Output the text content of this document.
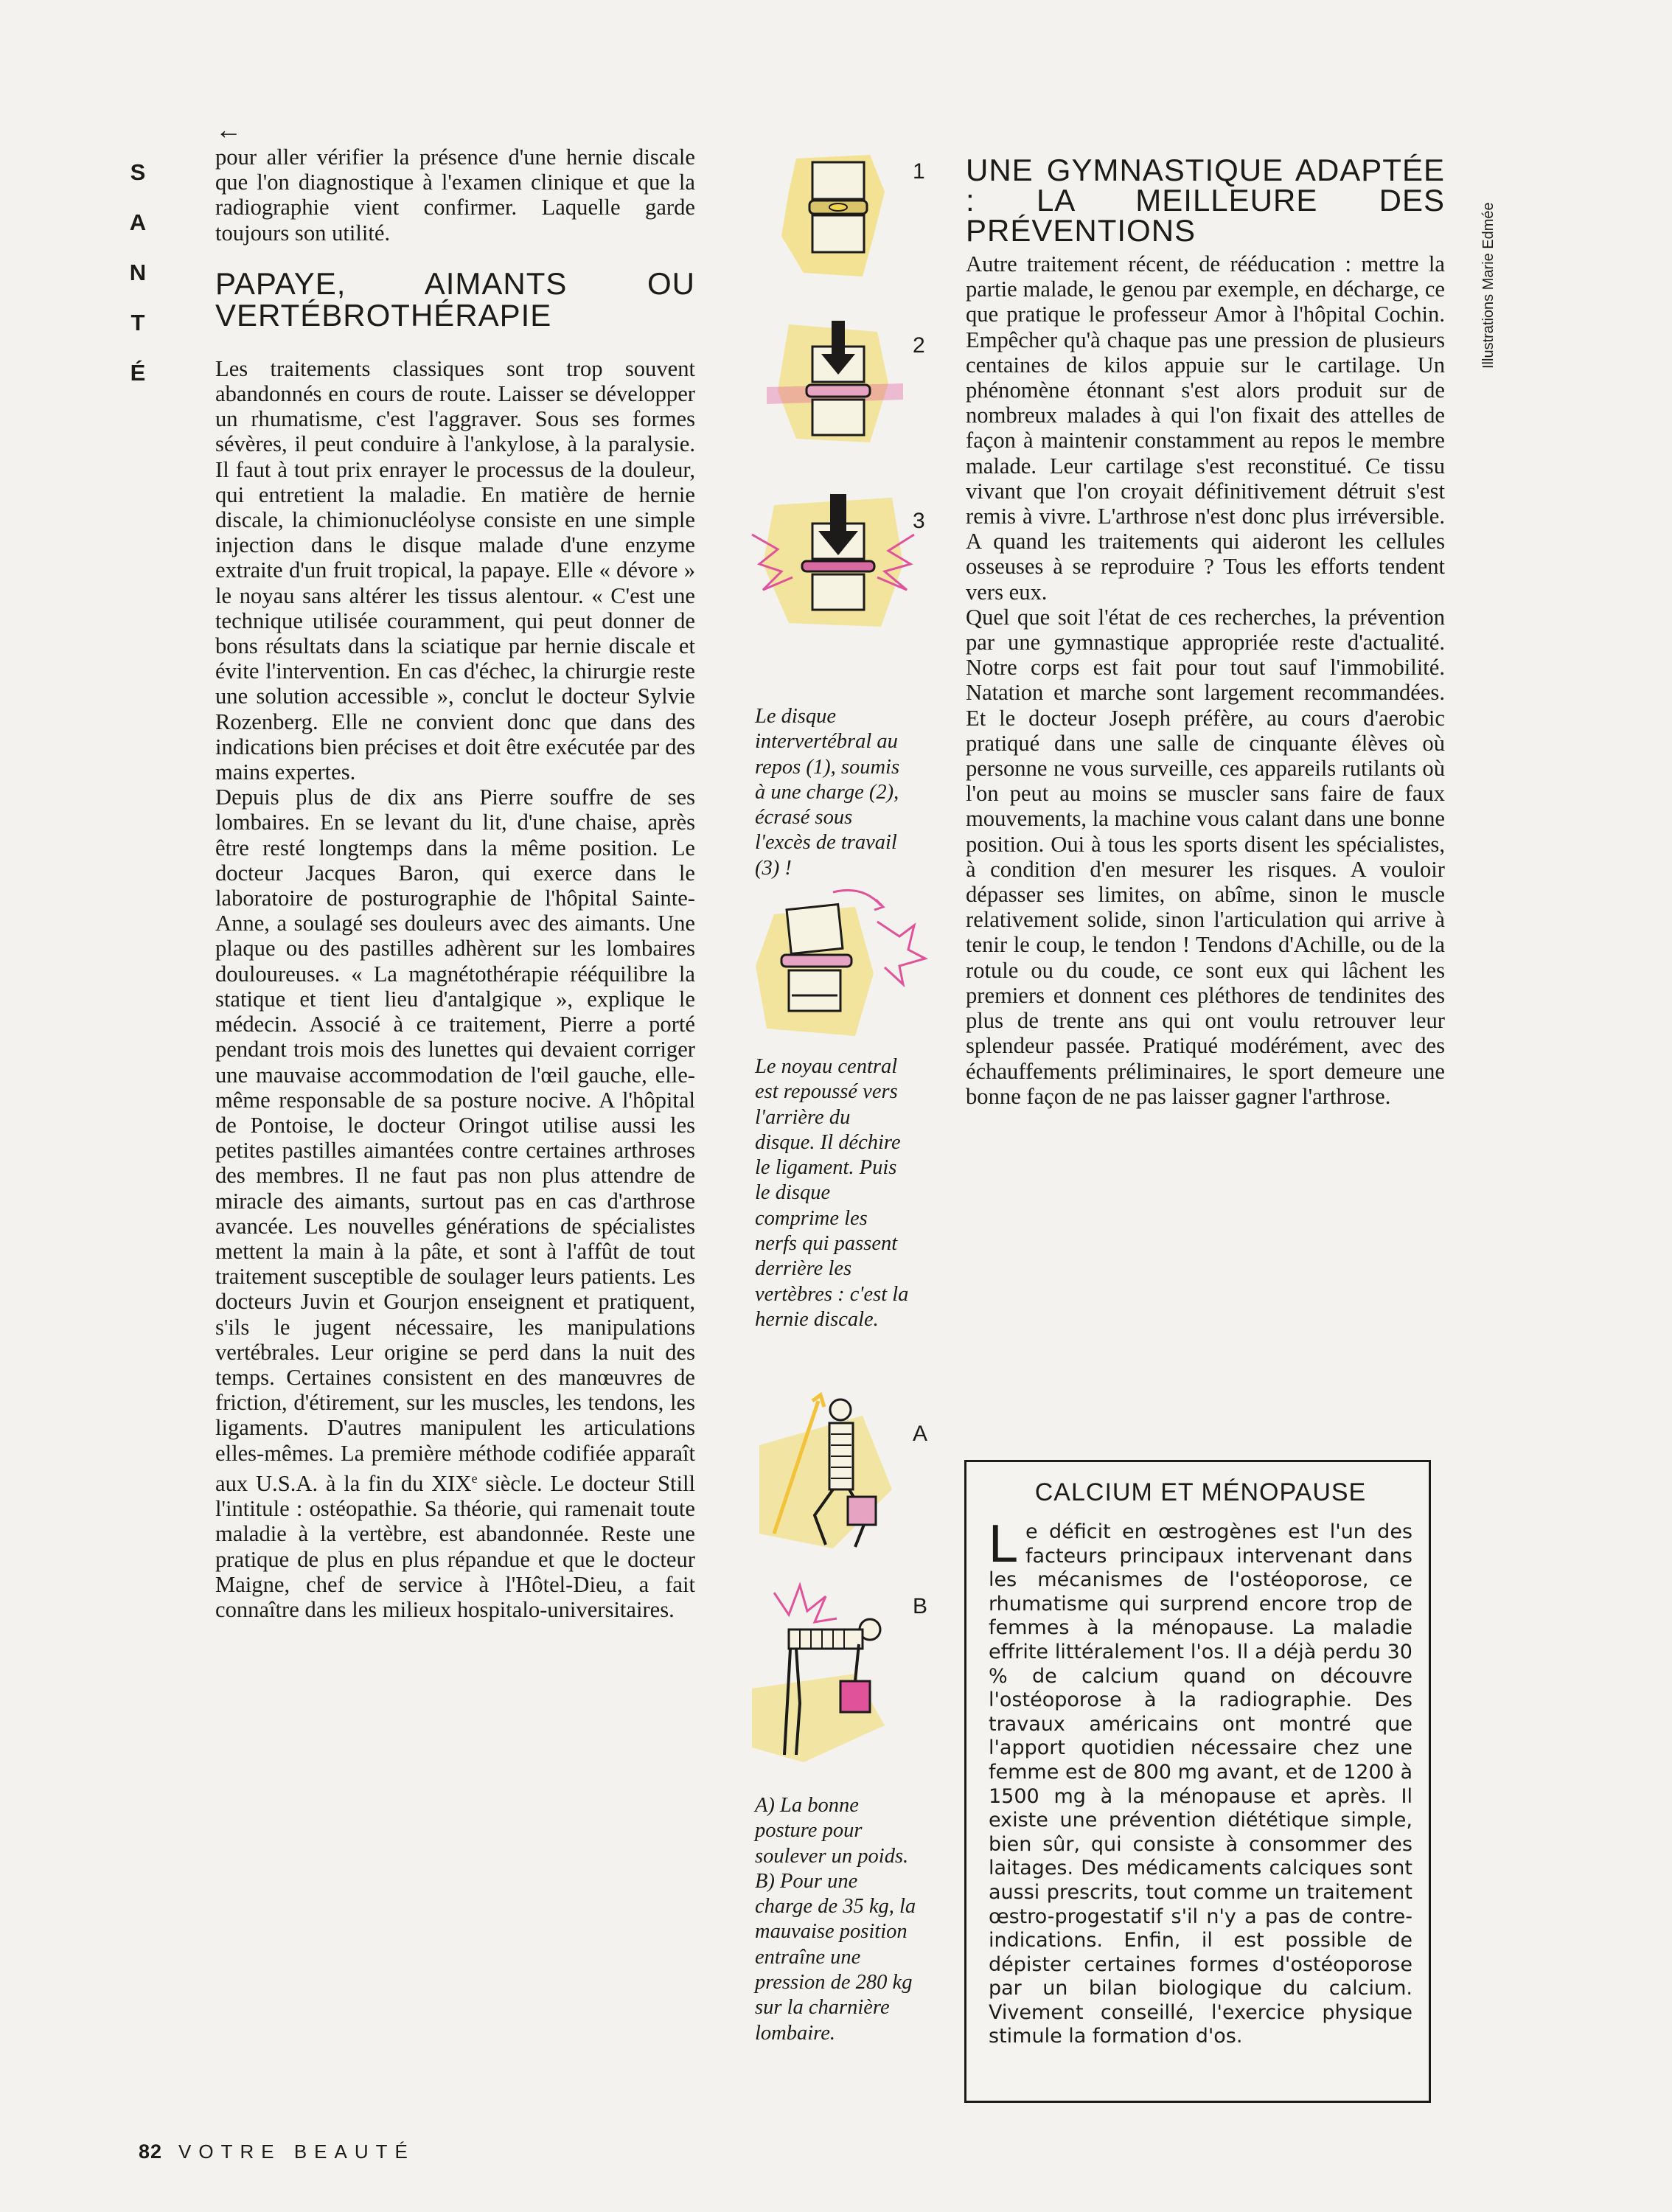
S
A
N
T
É
←

pour aller vérifier la présence d'une hernie discale que l'on diagnostique à l'examen clinique et que la radiographie vient confirmer. Laquelle garde toujours son utilité.

PAPAYE, AIMANTS OU VERTÉBROTHÉRAPIE

Les traitements classiques sont trop souvent abandonnés en cours de route. Laisser se développer un rhumatisme, c'est l'aggraver. Sous ses formes sévères, il peut conduire à l'ankylose, à la paralysie. Il faut à tout prix enrayer le processus de la douleur, qui entretient la maladie. En matière de hernie discale, la chimionucléolyse consiste en une simple injection dans le disque malade d'une enzyme extraite d'un fruit tropical, la papaye. Elle « dévore » le noyau sans altérer les tissus alentour. « C'est une technique utilisée couramment, qui peut donner de bons résultats dans la sciatique par hernie discale et évite l'intervention. En cas d'échec, la chirurgie reste une solution accessible », conclut le docteur Sylvie Rozenberg. Elle ne convient donc que dans des indications bien précises et doit être exécutée par des mains expertes.

Depuis plus de dix ans Pierre souffre de ses lombaires. En se levant du lit, d'une chaise, après être resté longtemps dans la même position. Le docteur Jacques Baron, qui exerce dans le laboratoire de posturographie de l'hôpital Sainte-Anne, a soulagé ses douleurs avec des aimants. Une plaque ou des pastilles adhèrent sur les lombaires douloureuses. « La magnétothérapie rééquilibre la statique et tient lieu d'antalgique », explique le médecin. Associé à ce traitement, Pierre a porté pendant trois mois des lunettes qui devaient corriger une mauvaise accommodation de l'œil gauche, elle-même responsable de sa posture nocive. A l'hôpital de Pontoise, le docteur Oringot utilise aussi les petites pastilles aimantées contre certaines arthroses des membres. Il ne faut pas non plus attendre de miracle des aimants, surtout pas en cas d'arthrose avancée. Les nouvelles générations de spécialistes mettent la main à la pâte, et sont à l'affût de tout traitement susceptible de soulager leurs patients. Les docteurs Juvin et Gourjon enseignent et pratiquent, s'ils le jugent nécessaire, les manipulations vertébrales. Leur origine se perd dans la nuit des temps. Certaines consistent en des manœuvres de friction, d'étirement, sur les muscles, les tendons, les ligaments. D'autres manipulent les articulations elles-mêmes. La première méthode codifiée apparaît aux U.S.A. à la fin du XIXe siècle. Le docteur Still l'intitule : ostéopathie. Sa théorie, qui ramenait toute maladie à la vertèbre, est abandonnée. Reste une pratique de plus en plus répandue et que le docteur Maigne, chef de service à l'Hôtel-Dieu, a fait connaître dans les milieux hospitalo-universitaires.

1
2
3
Le disque intervertébral au repos (1), soumis à une charge (2), écrasé sous l'excès de travail (3) !
Le noyau central est repoussé vers l'arrière du disque. Il déchire le ligament. Puis le disque comprime les nerfs qui passent derrière les vertèbres : c'est la hernie discale.
A
B
A) La bonne posture pour soulever un poids. B) Pour une charge de 35 kg, la mauvaise position entraîne une pression de 280 kg sur la charnière lombaire.
UNE GYMNASTIQUE ADAPTÉE : LA MEILLEURE DES PRÉVENTIONS

Autre traitement récent, de rééducation : mettre la partie malade, le genou par exemple, en décharge, ce que pratique le professeur Amor à l'hôpital Cochin. Empêcher qu'à chaque pas une pression de plusieurs centaines de kilos appuie sur le cartilage. Un phénomène étonnant s'est alors produit sur de nombreux malades à qui l'on fixait des attelles de façon à maintenir constamment au repos le membre malade. Leur cartilage s'est reconstitué. Ce tissu vivant que l'on croyait définitivement détruit s'est remis à vivre. L'arthrose n'est donc plus irréversible. A quand les traitements qui aideront les cellules osseuses à se reproduire ? Tous les efforts tendent vers eux.

Quel que soit l'état de ces recherches, la prévention par une gymnastique appropriée reste d'actualité. Notre corps est fait pour tout sauf l'immobilité. Natation et marche sont largement recommandées. Et le docteur Joseph préfère, au cours d'aerobic pratiqué dans une salle de cinquante élèves où personne ne vous surveille, ces appareils rutilants où l'on peut au moins se muscler sans faire de faux mouvements, la machine vous calant dans une bonne position. Oui à tous les sports disent les spécialistes, à condition d'en mesurer les risques. A vouloir dépasser ses limites, on abîme, sinon le muscle relativement solide, sinon l'articulation qui arrive à tenir le coup, le tendon ! Tendons d'Achille, ou de la rotule ou du coude, ce sont eux qui lâchent les premiers et donnent ces pléthores de tendinites des plus de trente ans qui ont voulu retrouver leur splendeur passée. Pratiqué modérément, avec des échauffements préliminaires, le sport demeure une bonne façon de ne pas laisser gagner l'arthrose.

Illustrations Marie Edmée
CALCIUM ET MÉNOPAUSE
Le déficit en œstrogènes est l'un des facteurs principaux intervenant dans les mécanismes de l'ostéoporose, ce rhumatisme qui surprend encore trop de femmes à la ménopause. La maladie effrite littéralement l'os. Il a déjà perdu 30 % de calcium quand on découvre l'ostéoporose à la radiographie. Des travaux américains ont montré que l'apport quotidien nécessaire chez une femme est de 800 mg avant, et de 1200 à 1500 mg à la ménopause et après. Il existe une prévention diététique simple, bien sûr, qui consiste à consommer des laitages. Des médicaments calciques sont aussi prescrits, tout comme un traitement œstro-progestatif s'il n'y a pas de contre-indications. Enfin, il est possible de dépister certaines formes d'ostéoporose par un bilan biologique du calcium. Vivement conseillé, l'exercice physique stimule la formation d'os.
82 VOTRE BEAUTÉ
